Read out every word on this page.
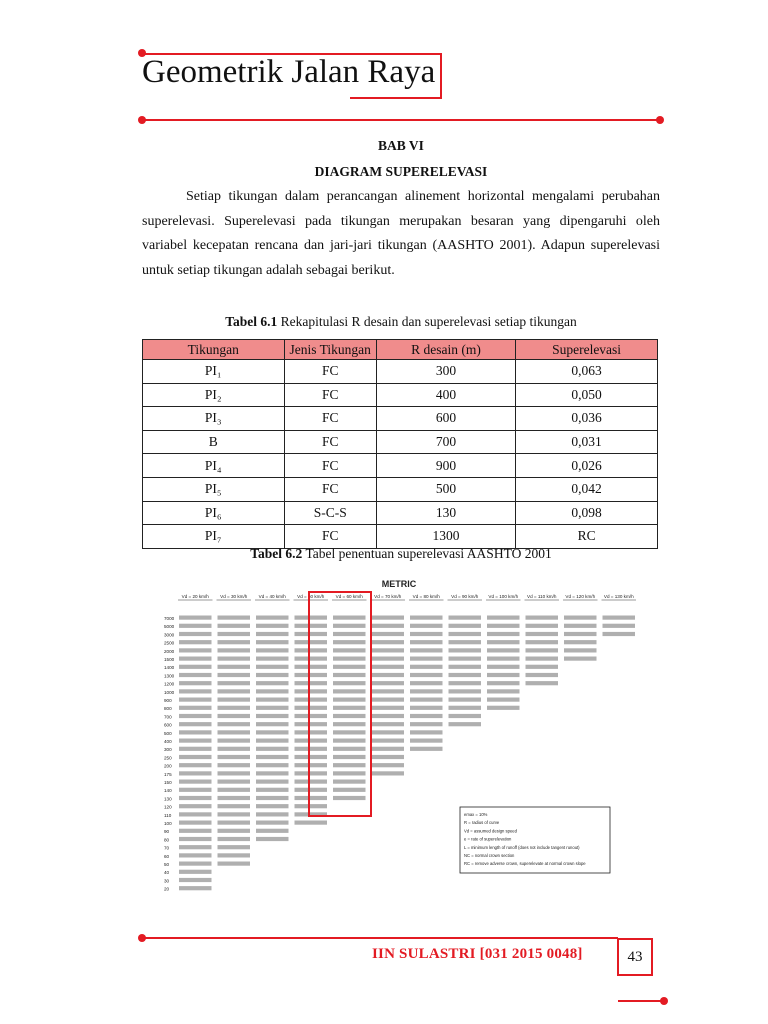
Geometrik Jalan Raya
BAB VI
DIAGRAM SUPERELEVASI

Setiap tikungan dalam perancangan alinement horizontal mengalami perubahan superelevasi. Superelevasi pada tikungan merupakan besaran yang dipengaruhi oleh variabel kecepatan rencana dan jari-jari tikungan (AASHTO 2001). Adapun superelevasi untuk setiap tikungan adalah sebagai berikut.

Tabel 6.1 Rekapitulasi R desain dan superelevasi setiap tikungan
Tikungan	Jenis Tikungan	R desain (m)	Superelevasi
PI₁	FC	300	0,063
PI₂	FC	400	0,050
PI₃	FC	600	0,036
B	FC	700	0,031
PI₄	FC	900	0,026
PI₅	FC	500	0,042
PI₆	S-C-S	130	0,098
PI₇	FC	1300	RC
Tabel 6.2 Tabel penentuan superelevasi AASHTO 2001
METRIC
Vd = 20 km/h Vd = 30 km/h Vd = 40 km/h Vd = 50 km/h Vd = 60 km/h Vd = 70 km/h Vd = 80 km/h Vd = 90 km/h Vd = 100 km/h Vd = 110 km/h Vd = 120 km/h Vd = 130 km/h
7000
5000
3000
2500
2000
1500
1400
1300
1200
1000
900
800
700
600
500
400
300
250
200
175
150
140
130
120
110
100
90
80
70
60
50
40
30
20
emax = 10%
R = radius of curve
Vd = assumed design speed
e = rate of superelevation
L = minimum length of runoff (does not include tangent runout)
NC = normal crown section
RC = remove adverse crown, superelevate at normal crown slope
IIN SULASTRI [031 2015 0048]	43
